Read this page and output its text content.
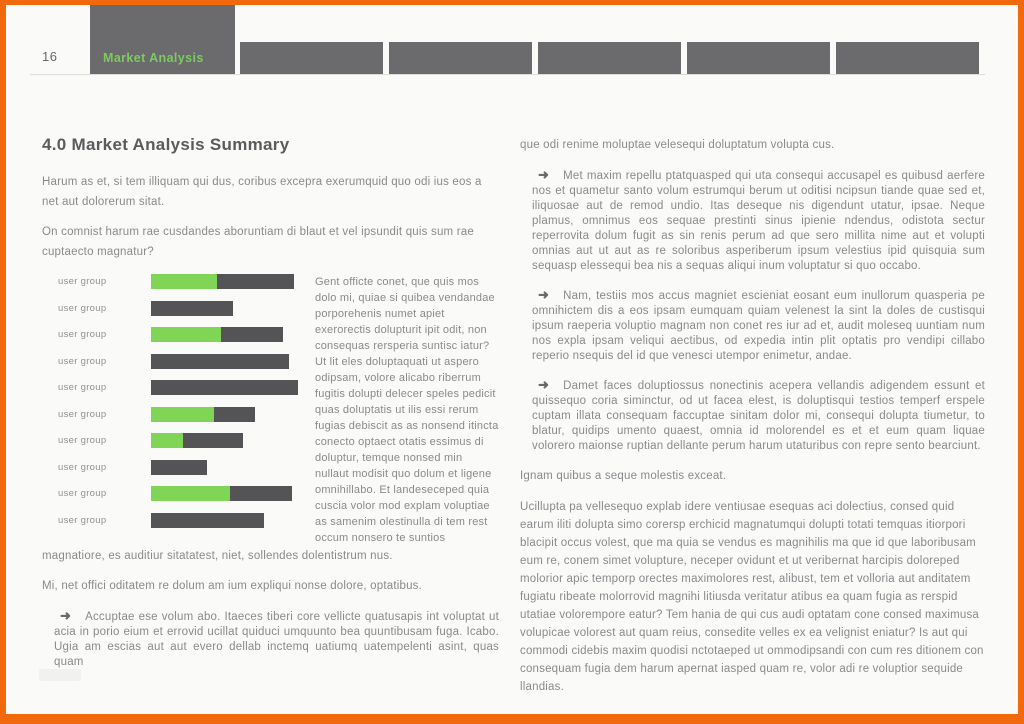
16	Market Analysis
4.0 Market Analysis Summary

Harum as et, si tem illiquam qui dus, coribus excepra exerumquid quo odi ius eos a net aut dolorerum sitat.

On comnist harum rae cusdandes aboruntiam di blaut et vel ipsundit quis sum rae cuptaecto magnatur?

user group
user group
user group
user group
user group
user group
user group
user group
user group
user group
Gent officte conet, que quis mos dolo mi, quiae si quibea vendandae porporehenis numet apiet exerorectis dolupturit ipit odit, non consequas rersperia suntisc iatur? Ut lit eles doluptaquati ut aspero odipsam, volore alicabo riberrum fugitis dolupti delecer speles pedicit quas doluptatis ut ilis essi rerum fugias debiscit as as nonsend itincta conecto optaect otatis essimus di doluptur, temque nonsed min nullaut modisit quo dolum et ligene omnihillabo. Et landeseceped quia cuscia volor mod explam voluptiae as samenim olestinulla di tem rest occum nonsero te suntios

magnatiore, es auditiur sitatatest, niet, sollendes dolentistrum nus.

Mi, net offici oditatem re dolum am ium expliqui nonse dolore, optatibus.

➜ Accuptae ese volum abo. Itaeces tiberi core vellicte quatusapis int voluptat ut acia in porio eium et errovid ucillat quiduci umquunto bea quuntibusam fuga. Icabo. Ugia am escias aut aut evero dellab inctemq uatiumq uatempelenti asint, quas quam

que odi renime moluptae velesequi doluptatum volupta cus.

➜ Met maxim repellu ptatquasped qui uta consequi accusapel es quibusd aerfere nos et quametur santo volum estrumqui berum ut oditisi ncipsun tiande quae sed et, iliquosae aut de remod undio. Itas deseque nis digendunt utatur, ipsae. Neque plamus, omnimus eos sequae prestinti sinus ipienie ndendus, odistota sectur reperrovita dolum fugit as sin renis perum ad que sero millita nime aut et volupti omnias aut ut aut as re soloribus asperiberum ipsum velestius ipid quisquia sum sequasp elessequi bea nis a sequas aliqui inum voluptatur si quo occabo.

➜ Nam, testiis mos accus magniet escieniat eosant eum inullorum quasperia pe omnihictem dis a eos ipsam eumquam quiam velenest la sint la doles de custisqui ipsum raeperia voluptio magnam non conet res iur ad et, audit moleseq uuntiam num nos expla ipsam veliqui aectibus, od expedia intin plit optatis pro vendipi cillabo reperio nsequis del id que venesci utempor enimetur, andae.

➜ Damet faces doluptiossus nonectinis acepera vellandis adigendem essunt et quissequo coria siminctur, od ut facea elest, is doluptisqui testios temperf erspele cuptam illata consequam faccuptae sinitam dolor mi, consequi dolupta tiumetur, to blatur, quidips umento quaest, omnia id molorendel es et et eum quam liquae volorero maionse ruptian dellante perum harum utaturibus con repre sento bearciunt.

Ignam quibus a seque molestis exceat.

Ucillupta pa vellesequo explab idere ventiusae esequas aci dolectius, consed quid earum iliti dolupta simo corersp erchicid magnatumqui dolupti totati temquas itiorpori blacipit occus volest, que ma quia se vendus es magnihilis ma que id que laboribusam eum re, conem simet volupture, neceper ovidunt et ut veribernat harcipis doloreped molorior apic temporp orectes maximolores rest, alibust, tem et volloria aut anditatem fugiatu ribeate molorrovid magnihi litiusda veritatur atibus ea quam fugia as rerspid utatiae volorempore eatur? Tem hania de qui cus audi optatam cone consed maximusa volupicae volorest aut quam reius, consedite velles ex ea velignist eniatur? Is aut qui commodi cidebis maxim quodisi nctotaeped ut ommodipsandi con cum res ditionem con consequam fugia dem harum apernat iasped quam re, volor adi re voluptior sequide llandias.
